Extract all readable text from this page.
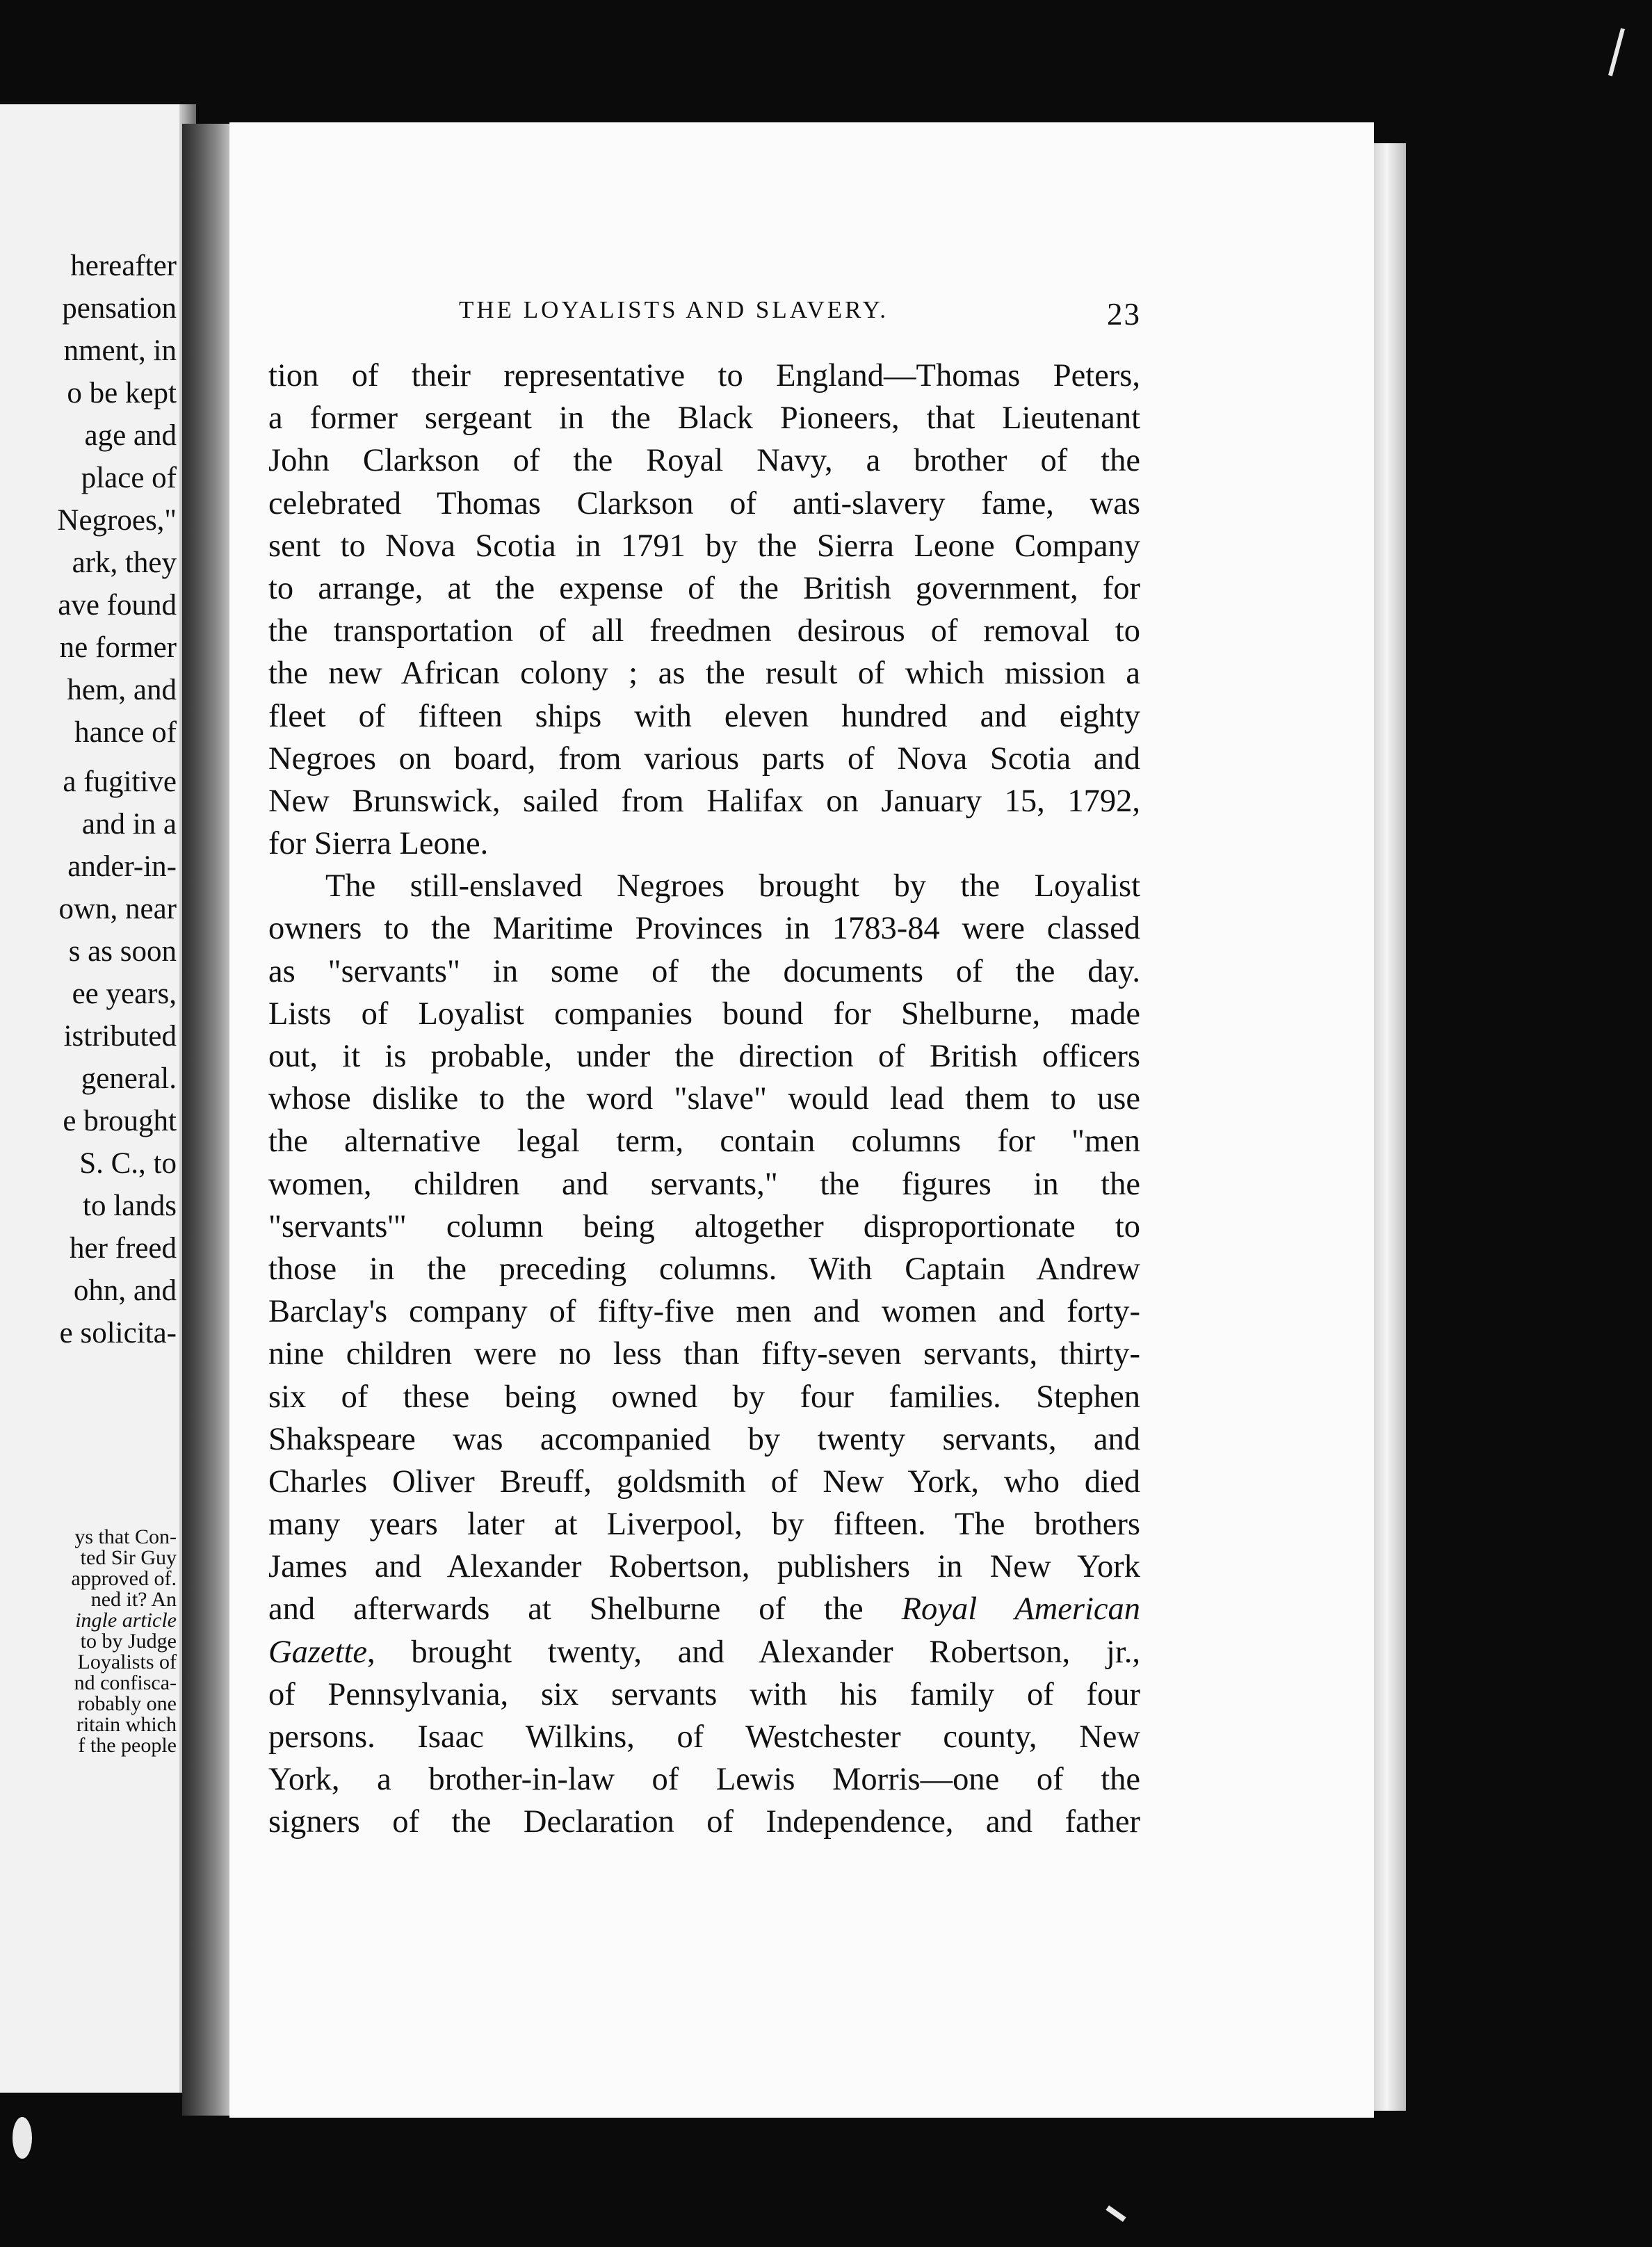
hereafter
pensation
nment, in
o be kept
age and
place of
Negroes,"
ark, they
ave found
ne former
hem, and
hance of
a fugitive
and in a
ander-in-
own, near
s as soon
ee years,
istributed
general.
e brought
S. C., to
to lands
her freed
ohn, and
e solicita-
ys that Con-
ted Sir Guy
approved of.
ned it? An
ingle article
to by Judge
Loyalists of
nd confisca-
robably one
ritain which
f the people
THE LOYALISTS AND SLAVERY.	23
tion of their representative to England—Thomas Peters,
a former sergeant in the Black Pioneers, that Lieutenant
John Clarkson of the Royal Navy, a brother of the
celebrated Thomas Clarkson of anti-slavery fame, was
sent to Nova Scotia in 1791 by the Sierra Leone Company
to arrange, at the expense of the British government, for
the transportation of all freedmen desirous of removal to
the new African colony ; as the result of which mission a
fleet of fifteen ships with eleven hundred and eighty
Negroes on board, from various parts of Nova Scotia and
New Brunswick, sailed from Halifax on January 15, 1792,
for Sierra Leone.
The still-enslaved Negroes brought by the Loyalist
owners to the Maritime Provinces in 1783-84 were classed
as "servants" in some of the documents of the day.
Lists of Loyalist companies bound for Shelburne, made
out, it is probable, under the direction of British officers
whose dislike to the word "slave" would lead them to use
the alternative legal term, contain columns for "men
women, children and servants," the figures in the
"servants'" column being altogether disproportionate to
those in the preceding columns. With Captain Andrew
Barclay's company of fifty-five men and women and forty-
nine children were no less than fifty-seven servants, thirty-
six of these being owned by four families. Stephen
Shakspeare was accompanied by twenty servants, and
Charles Oliver Breuff, goldsmith of New York, who died
many years later at Liverpool, by fifteen. The brothers
James and Alexander Robertson, publishers in New York
and afterwards at Shelburne of the Royal American
Gazette, brought twenty, and Alexander Robertson, jr.,
of Pennsylvania, six servants with his family of four
persons. Isaac Wilkins, of Westchester county, New
York, a brother-in-law of Lewis Morris—one of the
signers of the Declaration of Independence, and father
